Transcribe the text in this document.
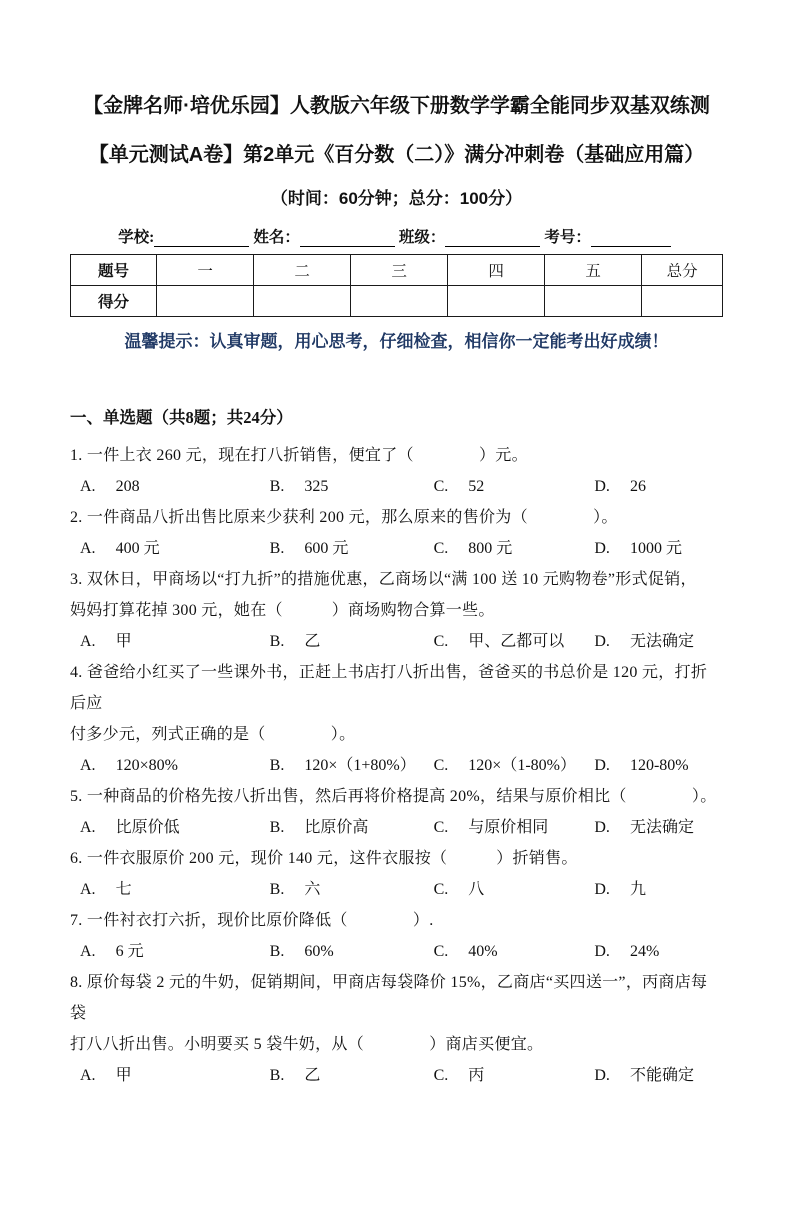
【金牌名师·培优乐园】人教版六年级下册数学学霸全能同步双基双练测
【单元测试A卷】第2单元《百分数（二）》满分冲刺卷（基础应用篇）
（时间：60分钟；总分：100分）
学校:	姓名：	班级：	考号：
题号	一	二	三	四	五	总分
得分						
温馨提示：认真审题，用心思考，仔细检查，相信你一定能考出好成绩！
一、单选题（共8题；共24分）
1. 一件上衣 260 元，现在打八折销售，便宜了（　　　　）元。
A. 208	B. 325	C. 52	D. 26
2. 一件商品八折出售比原来少获利 200 元，那么原来的售价为（　　　　）。
A. 400 元	B. 600 元	C. 800 元	D. 1000 元
3. 双休日，甲商场以“打九折”的措施优惠，乙商场以“满 100 送 10 元购物卷”形式促销，
妈妈打算花掉 300 元，她在（　　　）商场购物合算一些。
A. 甲	B. 乙	C. 甲、乙都可以 D. 无法确定
4. 爸爸给小红买了一些课外书，正赶上书店打八折出售，爸爸买的书总价是 120 元，打折后应
付多少元，列式正确的是（　　　　）。
A. 120×80%	B. 120×（1+80%） C. 120×（1-80%） D. 120-80%
5. 一种商品的价格先按八折出售，然后再将价格提高 20%，结果与原价相比（　　　　）。
A. 比原价低	B. 比原价高	C. 与原价相同	D. 无法确定
6. 一件衣服原价 200 元，现价 140 元，这件衣服按（　　　）折销售。
A. 七	B. 六	C. 八	D. 九
7. 一件衬衣打六折，现价比原价降低（　　　　）.
A. 6 元	B. 60%	C. 40%	D. 24%
8. 原价每袋 2 元的牛奶，促销期间，甲商店每袋降价 15%，乙商店“买四送一”，丙商店每袋
打八八折出售。小明要买 5 袋牛奶，从（　　　　）商店买便宜。
A. 甲	B. 乙	C. 丙	D. 不能确定
